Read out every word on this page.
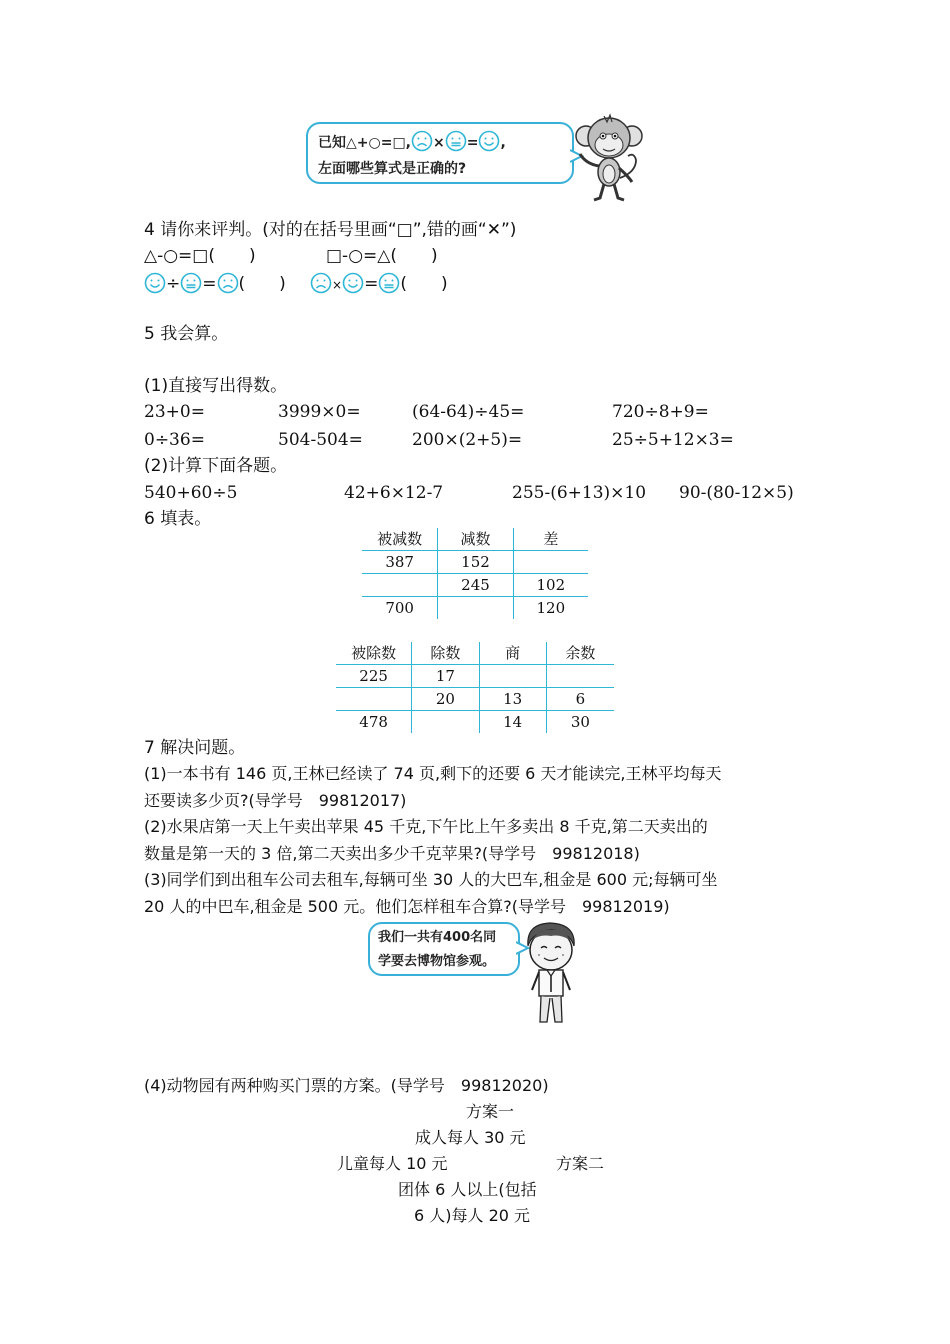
已知△+○=□, × = ,
左面哪些算式是正确的?
4 请你来评判。(对的在括号里画“□”,错的画“✕”)
△-○=□(　　)	□-○=△(　　)
÷ = (　　)	× = (　　)
5 我会算。
(1)直接写出得数。
23+0=	3999×0=	(64-64)÷45=	720÷8+9=
0÷36=	504-504=	200×(2+5)=	25÷5+12×3=
(2)计算下面各题。
540+60÷5	42+6×12-7	255-(6+13)×10 90-(80-12×5)
6 填表。
被减数	减数	差
387	152	
	245	102
700		120
被除数	除数	商	余数
225	17		
	20	13	6
478		14	30
7 解决问题。
(1)一本书有 146 页,王林已经读了 74 页,剩下的还要 6 天才能读完,王林平均每天
还要读多少页?(导学号　99812017)
(2)水果店第一天上午卖出苹果 45 千克,下午比上午多卖出 8 千克,第二天卖出的
数量是第一天的 3 倍,第二天卖出多少千克苹果?(导学号　99812018)
(3)同学们到出租车公司去租车,每辆可坐 30 人的大巴车,租金是 600 元;每辆可坐
20 人的中巴车,租金是 500 元。他们怎样租车合算?(导学号　99812019)
我们一共有400名同
学要去博物馆参观。
(4)动物园有两种购买门票的方案。(导学号　99812020)
方案一
成人每人 30 元
儿童每人 10 元	方案二
团体 6 人以上(包括
6 人)每人 20 元
